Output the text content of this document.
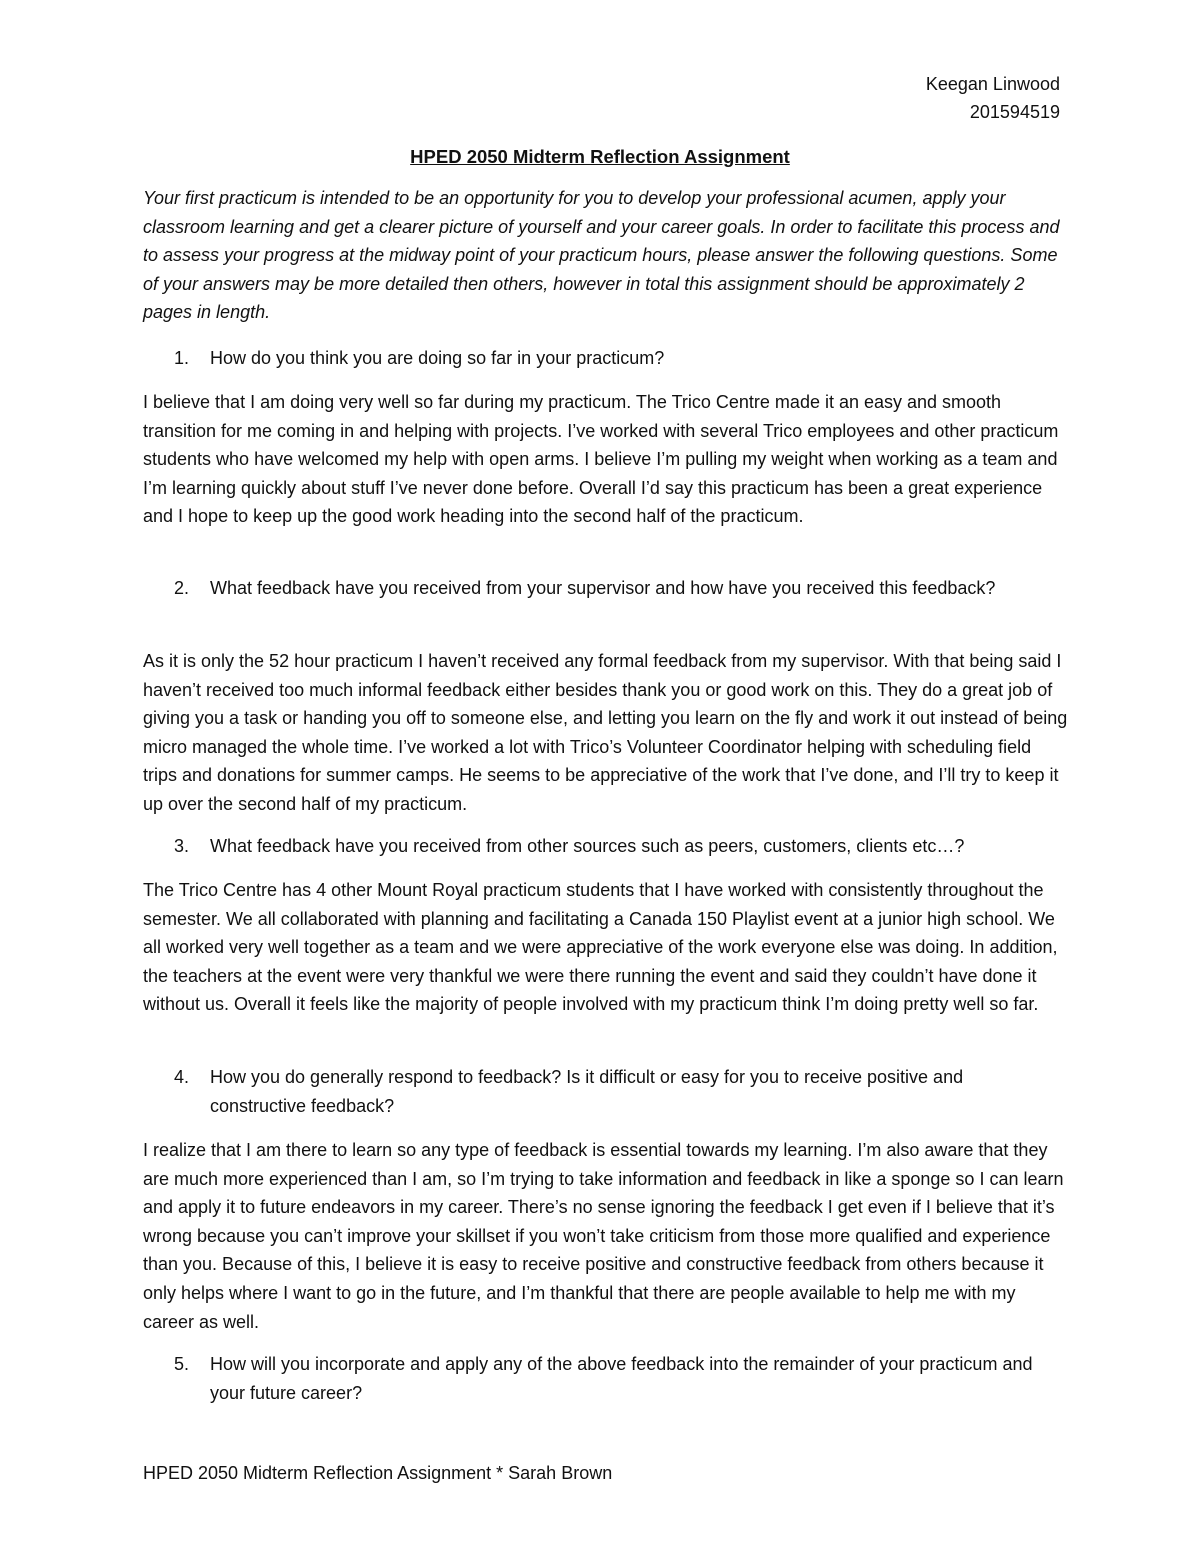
Keegan Linwood
201594519
HPED 2050 Midterm Reflection Assignment

Your first practicum is intended to be an opportunity for you to develop your professional acumen, apply your classroom learning and get a clearer picture of yourself and your career goals. In order to facilitate this process and to assess your progress at the midway point of your practicum hours, please answer the following questions. Some of your answers may be more detailed then others, however in total this assignment should be approximately 2 pages in length.

1.	How do you think you are doing so far in your practicum?

I believe that I am doing very well so far during my practicum. The Trico Centre made it an easy and smooth transition for me coming in and helping with projects. I’ve worked with several Trico employees and other practicum students who have welcomed my help with open arms. I believe I’m pulling my weight when working as a team and I’m learning quickly about stuff I’ve never done before. Overall I’d say this practicum has been a great experience and I hope to keep up the good work heading into the second half of the practicum.

2.	What feedback have you received from your supervisor and how have you received this feedback?

As it is only the 52 hour practicum I haven’t received any formal feedback from my supervisor. With that being said I haven’t received too much informal feedback either besides thank you or good work on this. They do a great job of giving you a task or handing you off to someone else, and letting you learn on the fly and work it out instead of being micro managed the whole time. I’ve worked a lot with Trico’s Volunteer Coordinator helping with scheduling field trips and donations for summer camps. He seems to be appreciative of the work that I’ve done, and I’ll try to keep it up over the second half of my practicum.

3.	What feedback have you received from other sources such as peers, customers, clients etc…?

The Trico Centre has 4 other Mount Royal practicum students that I have worked with consistently throughout the semester. We all collaborated with planning and facilitating a Canada 150 Playlist event at a junior high school. We all worked very well together as a team and we were appreciative of the work everyone else was doing. In addition, the teachers at the event were very thankful we were there running the event and said they couldn’t have done it without us. Overall it feels like the majority of people involved with my practicum think I’m doing pretty well so far.

4.	How you do generally respond to feedback? Is it difficult or easy for you to receive positive and constructive feedback?

I realize that I am there to learn so any type of feedback is essential towards my learning. I’m also aware that they are much more experienced than I am, so I’m trying to take information and feedback in like a sponge so I can learn and apply it to future endeavors in my career. There’s no sense ignoring the feedback I get even if I believe that it’s wrong because you can’t improve your skillset if you won’t take criticism from those more qualified and experience than you. Because of this, I believe it is easy to receive positive and constructive feedback from others because it only helps where I want to go in the future, and I’m thankful that there are people available to help me with my career as well.

5.	How will you incorporate and apply any of the above feedback into the remainder of your practicum and your future career?

HPED 2050 Midterm Reflection Assignment * Sarah Brown
